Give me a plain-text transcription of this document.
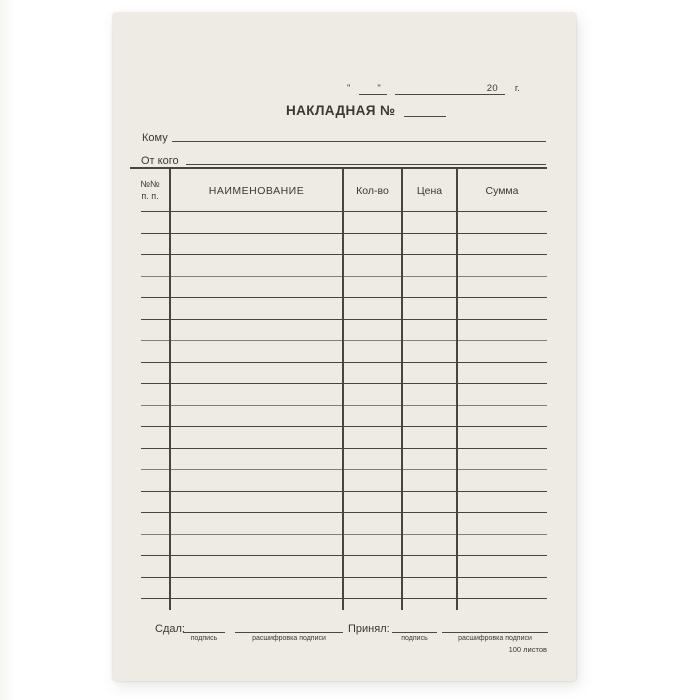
"	"	20	г.
НАКЛАДНАЯ №
Кому
От кого
№№
п. п.	НАИМЕНОВАНИЕ	Кол-во	Цена	Сумма
Сдал:
подпись	расшифровка подписи
Принял:
подпись	расшифровка подписи
100 листов
